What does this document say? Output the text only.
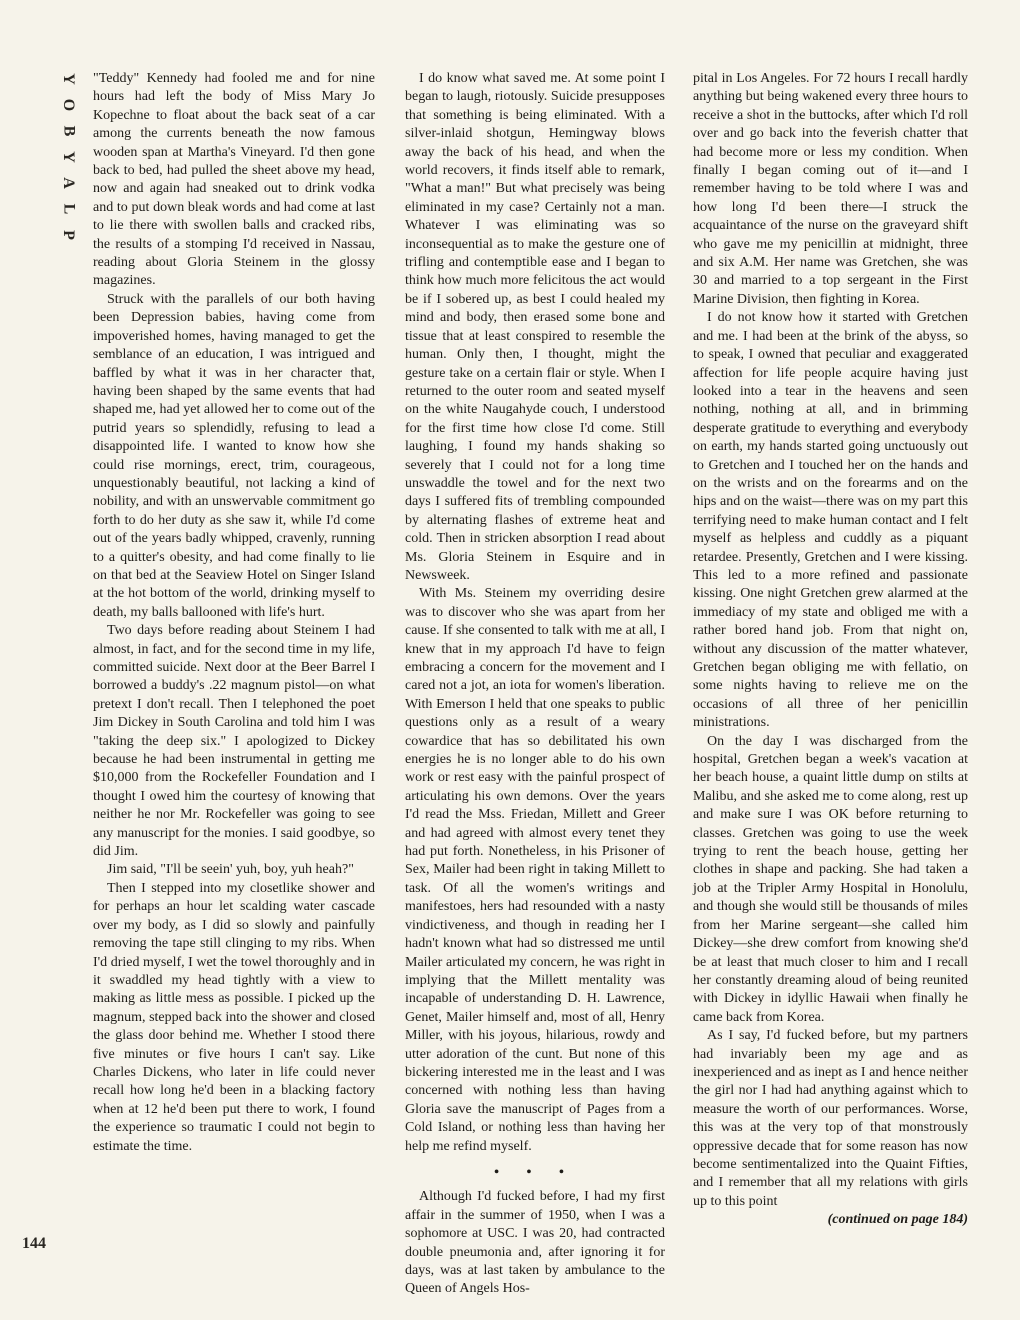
Y
O
B
Y
A
L
P
144

"Teddy" Kennedy had fooled me and for nine hours had left the body of Miss Mary Jo Kopechne to float about the back seat of a car among the currents beneath the now famous wooden span at Martha's Vineyard. I'd then gone back to bed, had pulled the sheet above my head, now and again had sneaked out to drink vodka and to put down bleak words and had come at last to lie there with swollen balls and cracked ribs, the results of a stomping I'd received in Nassau, reading about Gloria Steinem in the glossy magazines.

Struck with the parallels of our both having been Depression babies, having come from impoverished homes, having managed to get the semblance of an education, I was intrigued and baffled by what it was in her character that, having been shaped by the same events that had shaped me, had yet allowed her to come out of the putrid years so splendidly, refusing to lead a disappointed life. I wanted to know how she could rise mornings, erect, trim, courageous, unquestionably beautiful, not lacking a kind of nobility, and with an unswervable commitment go forth to do her duty as she saw it, while I'd come out of the years badly whipped, cravenly, running to a quitter's obesity, and had come finally to lie on that bed at the Seaview Hotel on Singer Island at the hot bottom of the world, drinking myself to death, my balls ballooned with life's hurt.

Two days before reading about Steinem I had almost, in fact, and for the second time in my life, committed suicide. Next door at the Beer Barrel I borrowed a buddy's .22 magnum pistol—on what pretext I don't recall. Then I telephoned the poet Jim Dickey in South Carolina and told him I was "taking the deep six." I apologized to Dickey because he had been instrumental in getting me $10,000 from the Rockefeller Foundation and I thought I owed him the courtesy of knowing that neither he nor Mr. Rockefeller was going to see any manuscript for the monies. I said goodbye, so did Jim.

Jim said, "I'll be seein' yuh, boy, yuh heah?"

Then I stepped into my closetlike shower and for perhaps an hour let scalding water cascade over my body, as I did so slowly and painfully removing the tape still clinging to my ribs. When I'd dried myself, I wet the towel thoroughly and in it swaddled my head tightly with a view to making as little mess as possible. I picked up the magnum, stepped back into the shower and closed the glass door behind me. Whether I stood there five minutes or five hours I can't say. Like Charles Dickens, who later in life could never recall how long he'd been in a blacking factory when at 12 he'd been put there to work, I found the experience so traumatic I could not begin to estimate the time.

I do know what saved me. At some point I began to laugh, riotously. Suicide presupposes that something is being eliminated. With a silver-inlaid shotgun, Hemingway blows away the back of his head, and when the world recovers, it finds itself able to remark, "What a man!" But what precisely was being eliminated in my case? Certainly not a man. Whatever I was eliminating was so inconsequential as to make the gesture one of trifling and contemptible ease and I began to think how much more felicitous the act would be if I sobered up, as best I could healed my mind and body, then erased some bone and tissue that at least conspired to resemble the human. Only then, I thought, might the gesture take on a certain flair or style. When I returned to the outer room and seated myself on the white Naugahyde couch, I understood for the first time how close I'd come. Still laughing, I found my hands shaking so severely that I could not for a long time unswaddle the towel and for the next two days I suffered fits of trembling compounded by alternating flashes of extreme heat and cold. Then in stricken absorption I read about Ms. Gloria Steinem in Esquire and in Newsweek.

With Ms. Steinem my overriding desire was to discover who she was apart from her cause. If she consented to talk with me at all, I knew that in my approach I'd have to feign embracing a concern for the movement and I cared not a jot, an iota for women's liberation. With Emerson I held that one speaks to public questions only as a result of a weary cowardice that has so debilitated his own energies he is no longer able to do his own work or rest easy with the painful prospect of articulating his own demons. Over the years I'd read the Mss. Friedan, Millett and Greer and had agreed with almost every tenet they had put forth. Nonetheless, in his Prisoner of Sex, Mailer had been right in taking Millett to task. Of all the women's writings and manifestoes, hers had resounded with a nasty vindictiveness, and though in reading her I hadn't known what had so distressed me until Mailer articulated my concern, he was right in implying that the Millett mentality was incapable of understanding D. H. Lawrence, Genet, Mailer himself and, most of all, Henry Miller, with his joyous, hilarious, rowdy and utter adoration of the cunt. But none of this bickering interested me in the least and I was concerned with nothing less than having Gloria save the manuscript of Pages from a Cold Island, or nothing less than having her help me refind myself.

• • •

Although I'd fucked before, I had my first affair in the summer of 1950, when I was a sophomore at USC. I was 20, had contracted double pneumonia and, after ignoring it for days, was at last taken by ambulance to the Queen of Angels Hos-

pital in Los Angeles. For 72 hours I recall hardly anything but being wakened every three hours to receive a shot in the buttocks, after which I'd roll over and go back into the feverish chatter that had become more or less my condition. When finally I began coming out of it—and I remember having to be told where I was and how long I'd been there—I struck the acquaintance of the nurse on the graveyard shift who gave me my penicillin at midnight, three and six A.M. Her name was Gretchen, she was 30 and married to a top sergeant in the First Marine Division, then fighting in Korea.

I do not know how it started with Gretchen and me. I had been at the brink of the abyss, so to speak, I owned that peculiar and exaggerated affection for life people acquire having just looked into a tear in the heavens and seen nothing, nothing at all, and in brimming desperate gratitude to everything and everybody on earth, my hands started going unctuously out to Gretchen and I touched her on the hands and on the wrists and on the forearms and on the hips and on the waist—there was on my part this terrifying need to make human contact and I felt myself as helpless and cuddly as a piquant retardee. Presently, Gretchen and I were kissing. This led to a more refined and passionate kissing. One night Gretchen grew alarmed at the immediacy of my state and obliged me with a rather bored hand job. From that night on, without any discussion of the matter whatever, Gretchen began obliging me with fellatio, on some nights having to relieve me on the occasions of all three of her penicillin ministrations.

On the day I was discharged from the hospital, Gretchen began a week's vacation at her beach house, a quaint little dump on stilts at Malibu, and she asked me to come along, rest up and make sure I was OK before returning to classes. Gretchen was going to use the week trying to rent the beach house, getting her clothes in shape and packing. She had taken a job at the Tripler Army Hospital in Honolulu, and though she would still be thousands of miles from her Marine sergeant—she called him Dickey—she drew comfort from knowing she'd be at least that much closer to him and I recall her constantly dreaming aloud of being reunited with Dickey in idyllic Hawaii when finally he came back from Korea.

As I say, I'd fucked before, but my partners had invariably been my age and as inexperienced and as inept as I and hence neither the girl nor I had had anything against which to measure the worth of our performances. Worse, this was at the very top of that monstrously oppressive decade that for some reason has now become sentimentalized into the Quaint Fifties, and I remember that all my relations with girls up to this point

(continued on page 184)
